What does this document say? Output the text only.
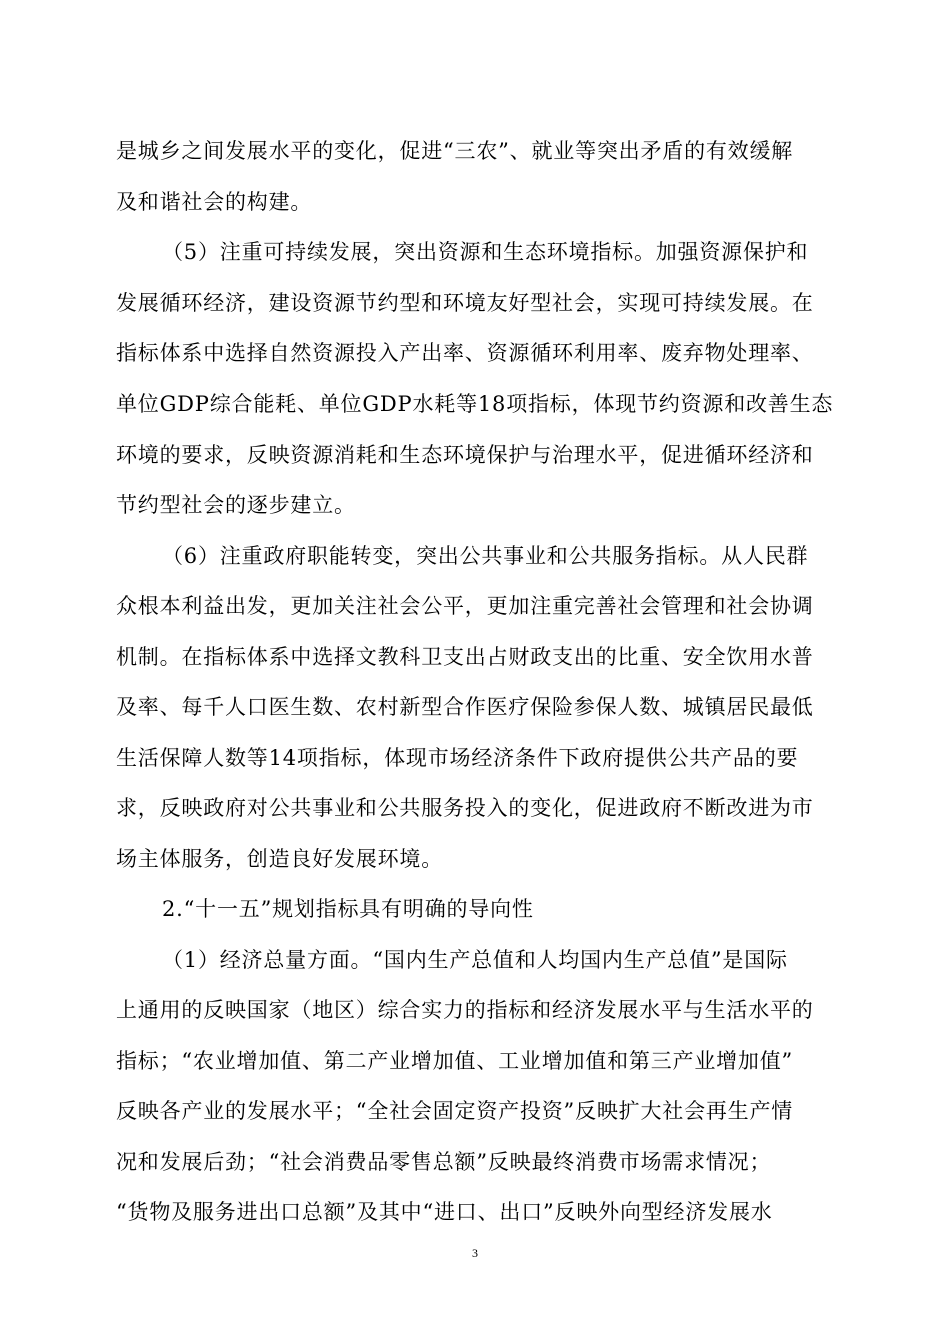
是城乡之间发展水平的变化，促进“三农”、就业等突出矛盾的有效缓解
及和谐社会的构建。
（5）注重可持续发展，突出资源和生态环境指标。加强资源保护和
发展循环经济，建设资源节约型和环境友好型社会，实现可持续发展。在
指标体系中选择自然资源投入产出率、资源循环利用率、废弃物处理率、
单位GDP综合能耗、单位GDP水耗等18项指标，体现节约资源和改善生态
环境的要求，反映资源消耗和生态环境保护与治理水平，促进循环经济和
节约型社会的逐步建立。
（6）注重政府职能转变，突出公共事业和公共服务指标。从人民群
众根本利益出发，更加关注社会公平，更加注重完善社会管理和社会协调
机制。在指标体系中选择文教科卫支出占财政支出的比重、安全饮用水普
及率、每千人口医生数、农村新型合作医疗保险参保人数、城镇居民最低
生活保障人数等14项指标，体现市场经济条件下政府提供公共产品的要
求，反映政府对公共事业和公共服务投入的变化，促进政府不断改进为市
场主体服务，创造良好发展环境。
2.“十一五”规划指标具有明确的导向性
（1）经济总量方面。“国内生产总值和人均国内生产总值”是国际
上通用的反映国家（地区）综合实力的指标和经济发展水平与生活水平的
指标；“农业增加值、第二产业增加值、工业增加值和第三产业增加值”
反映各产业的发展水平；“全社会固定资产投资”反映扩大社会再生产情
况和发展后劲；“社会消费品零售总额”反映最终消费市场需求情况；
“货物及服务进出口总额”及其中“进口、出口”反映外向型经济发展水
3
